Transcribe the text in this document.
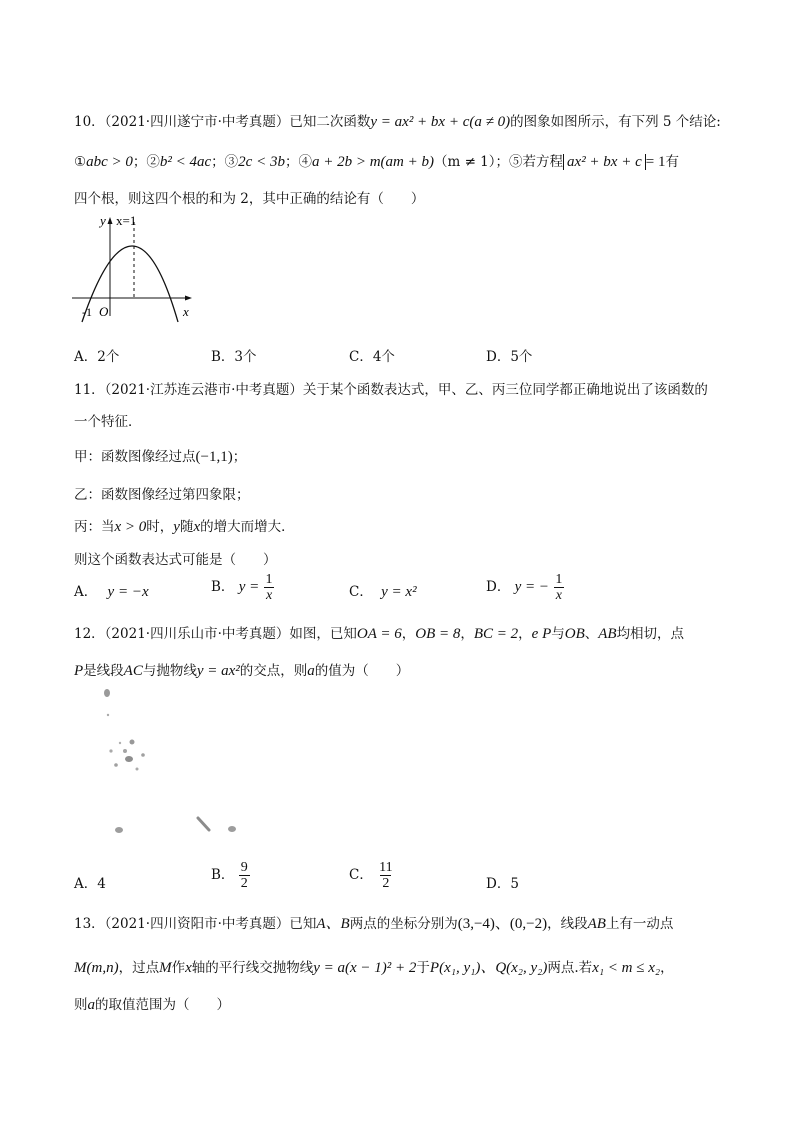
10．（2021·四川遂宁市·中考真题）已知二次函数y = ax² + bx + c(a ≠ 0)的图象如图所示，有下列 5 个结论:
①abc > 0；②b² < 4ac；③2c < 3b；④a + 2b > m(am + b)（m ≠ 1）；⑤若方程 ax² + bx + c = 1有
四个根，则这四个根的和为 2，其中正确的结论有（　　）
y x=1
x
-1 O
A．2个	B．3个	C．4个	D．5个
11．（2021·江苏连云港市·中考真题）关于某个函数表达式，甲、乙、丙三位同学都正确地说出了该函数的
一个特征．
甲：函数图像经过点(−1,1)；
乙：函数图像经过第四象限；
丙：当x > 0时，y随x的增大而增大．
则这个函数表达式可能是（　　）
A． y = −x	B． $y = \frac{1}{x}$	C． y = x²	D． y = − $\frac{1}{x}$
12．（2021·四川乐山市·中考真题）如图，已知OA = 6，OB = 8，BC = 2，e P与OB、AB均相切，点
P是线段AC与抛物线y = ax²的交点，则a的值为（　　）
A．4
B． $\frac{9}{2}$	C． $\frac{11}{2}$	D．5
13．（2021·四川资阳市·中考真题）已知A、B两点的坐标分别为(3,−4)、(0,−2)，线段AB上有一动点
M(m,n)，过点M作x轴的平行线交抛物线y = a(x − 1)² + 2于P(x₁, y₁)、Q(x₂, y₂)两点.若x₁ < m ≤ x₂，
则a的取值范围为（　　）
